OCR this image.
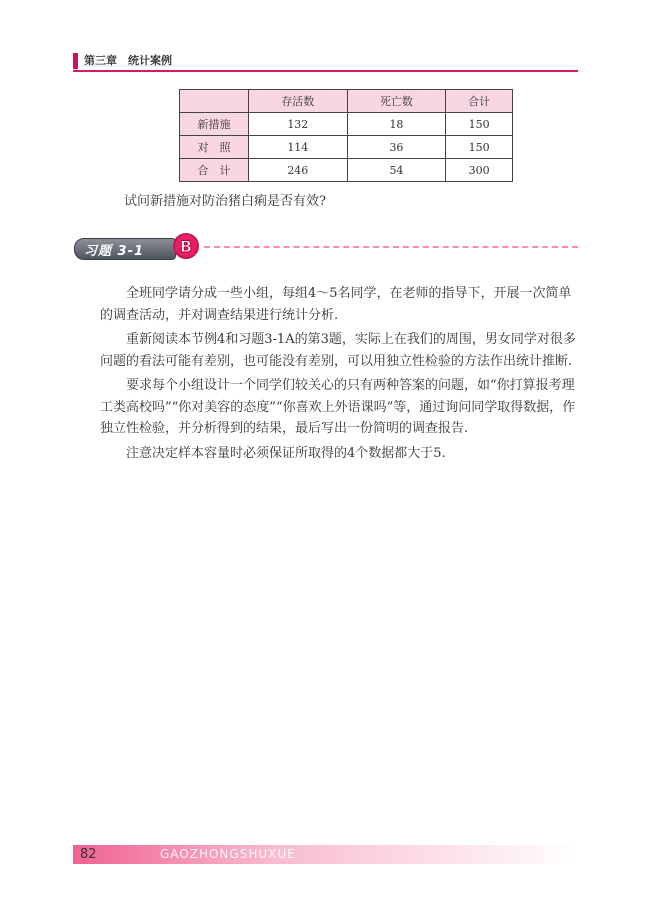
第三章　统计案例
	存活数	死亡数	合计
新措施	132	18	150
对　照	114	36	150
合　计	246	54	300
试问新措施对防治猪白痢是否有效?
习题 3-1 B

全班同学请分成一些小组，每组4～5名同学，在老师的指导下，开展一次简单的调查活动，并对调查结果进行统计分析.

重新阅读本节例4和习题3-1A的第3题，实际上在我们的周围，男女同学对很多问题的看法可能有差别，也可能没有差别，可以用独立性检验的方法作出统计推断.

要求每个小组设计一个同学们较关心的只有两种答案的问题，如“你打算报考理工类高校吗”“你对美容的态度”“你喜欢上外语课吗”等，通过询问同学取得数据，作独立性检验，并分析得到的结果，最后写出一份简明的调查报告.

注意决定样本容量时必须保证所取得的4个数据都大于5.

82	GAOZHONGSHUXUE
